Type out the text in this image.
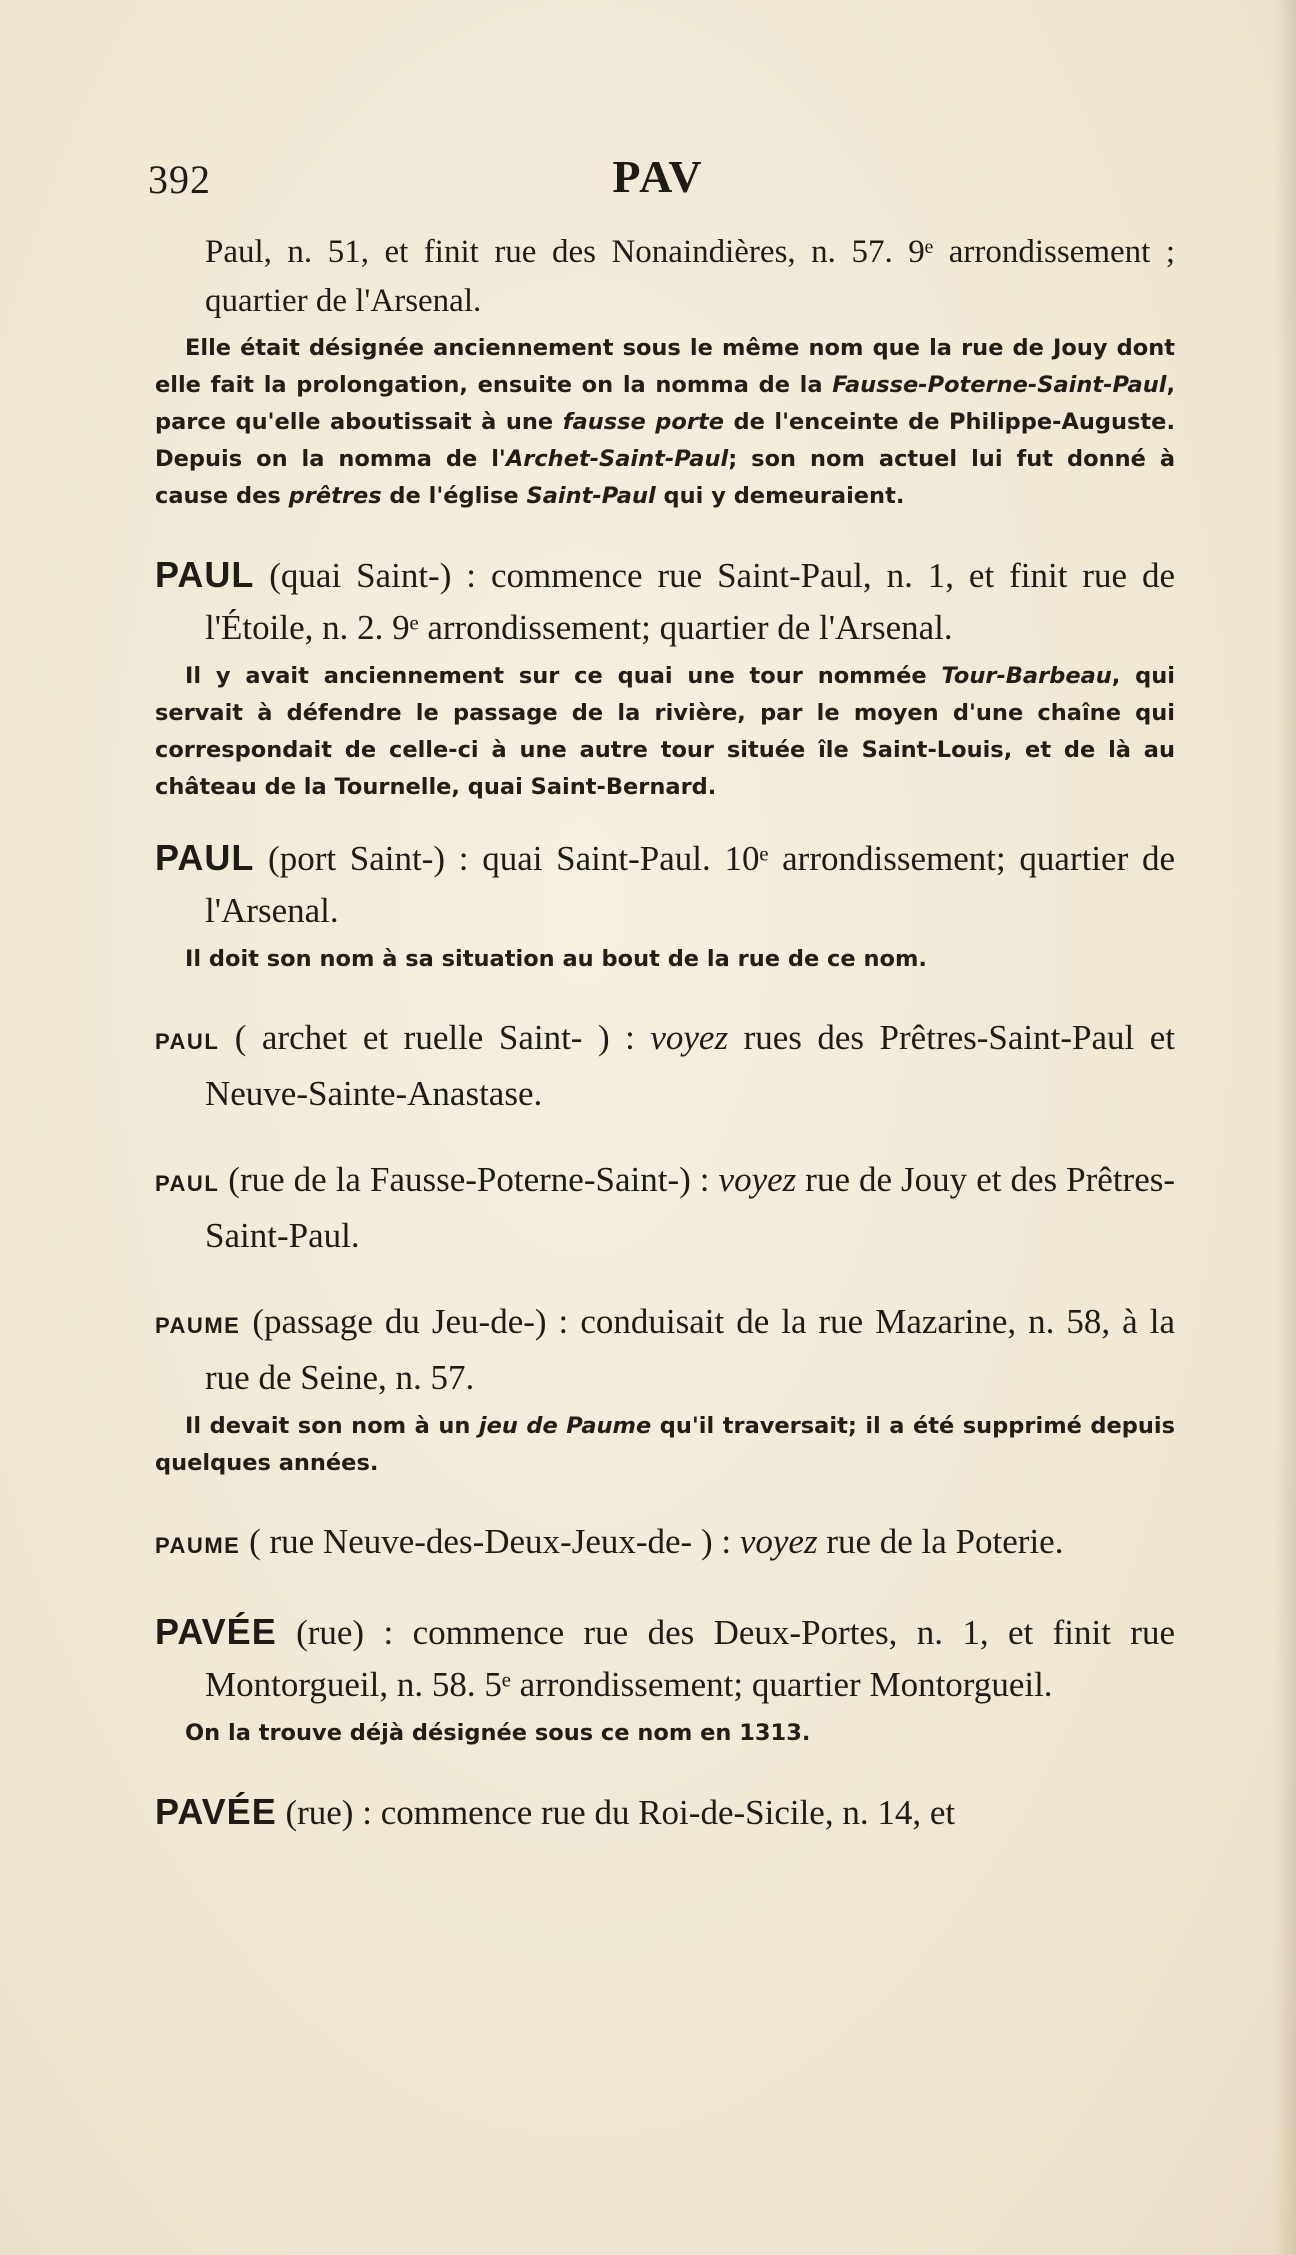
392	PAV

Paul, n. 51, et finit rue des Nonaindières, n. 57. 9ᵉ arrondissement ; quartier de l'Arsenal.

Elle était désignée anciennement sous le même nom que la rue de Jouy dont elle fait la prolongation, ensuite on la nomma de la Fausse-Poterne-Saint-Paul, parce qu'elle aboutissait à une fausse porte de l'enceinte de Philippe-Auguste. Depuis on la nomma de l'Archet-Saint-Paul; son nom actuel lui fut donné à cause des prêtres de l'église Saint-Paul qui y demeuraient.

PAUL (quai Saint-) : commence rue Saint-Paul, n. 1, et finit rue de l'Étoile, n. 2. 9ᵉ arrondissement; quartier de l'Arsenal.

Il y avait anciennement sur ce quai une tour nommée Tour-Barbeau, qui servait à défendre le passage de la rivière, par le moyen d'une chaîne qui correspondait de celle-ci à une autre tour située île Saint-Louis, et de là au château de la Tournelle, quai Saint-Bernard.

PAUL (port Saint-) : quai Saint-Paul. 10ᵉ arrondissement; quartier de l'Arsenal.

Il doit son nom à sa situation au bout de la rue de ce nom.

PAUL ( archet et ruelle Saint- ) : voyez rues des Prêtres-Saint-Paul et Neuve-Sainte-Anastase.

PAUL (rue de la Fausse-Poterne-Saint-) : voyez rue de Jouy et des Prêtres-Saint-Paul.

PAUME (passage du Jeu-de-) : conduisait de la rue Mazarine, n. 58, à la rue de Seine, n. 57.

Il devait son nom à un jeu de Paume qu'il traversait; il a été supprimé depuis quelques années.

PAUME ( rue Neuve-des-Deux-Jeux-de- ) : voyez rue de la Poterie.

PAVÉE (rue) : commence rue des Deux-Portes, n. 1, et finit rue Montorgueil, n. 58. 5ᵉ arrondissement; quartier Montorgueil.

On la trouve déjà désignée sous ce nom en 1313.

PAVÉE (rue) : commence rue du Roi-de-Sicile, n. 14, et
